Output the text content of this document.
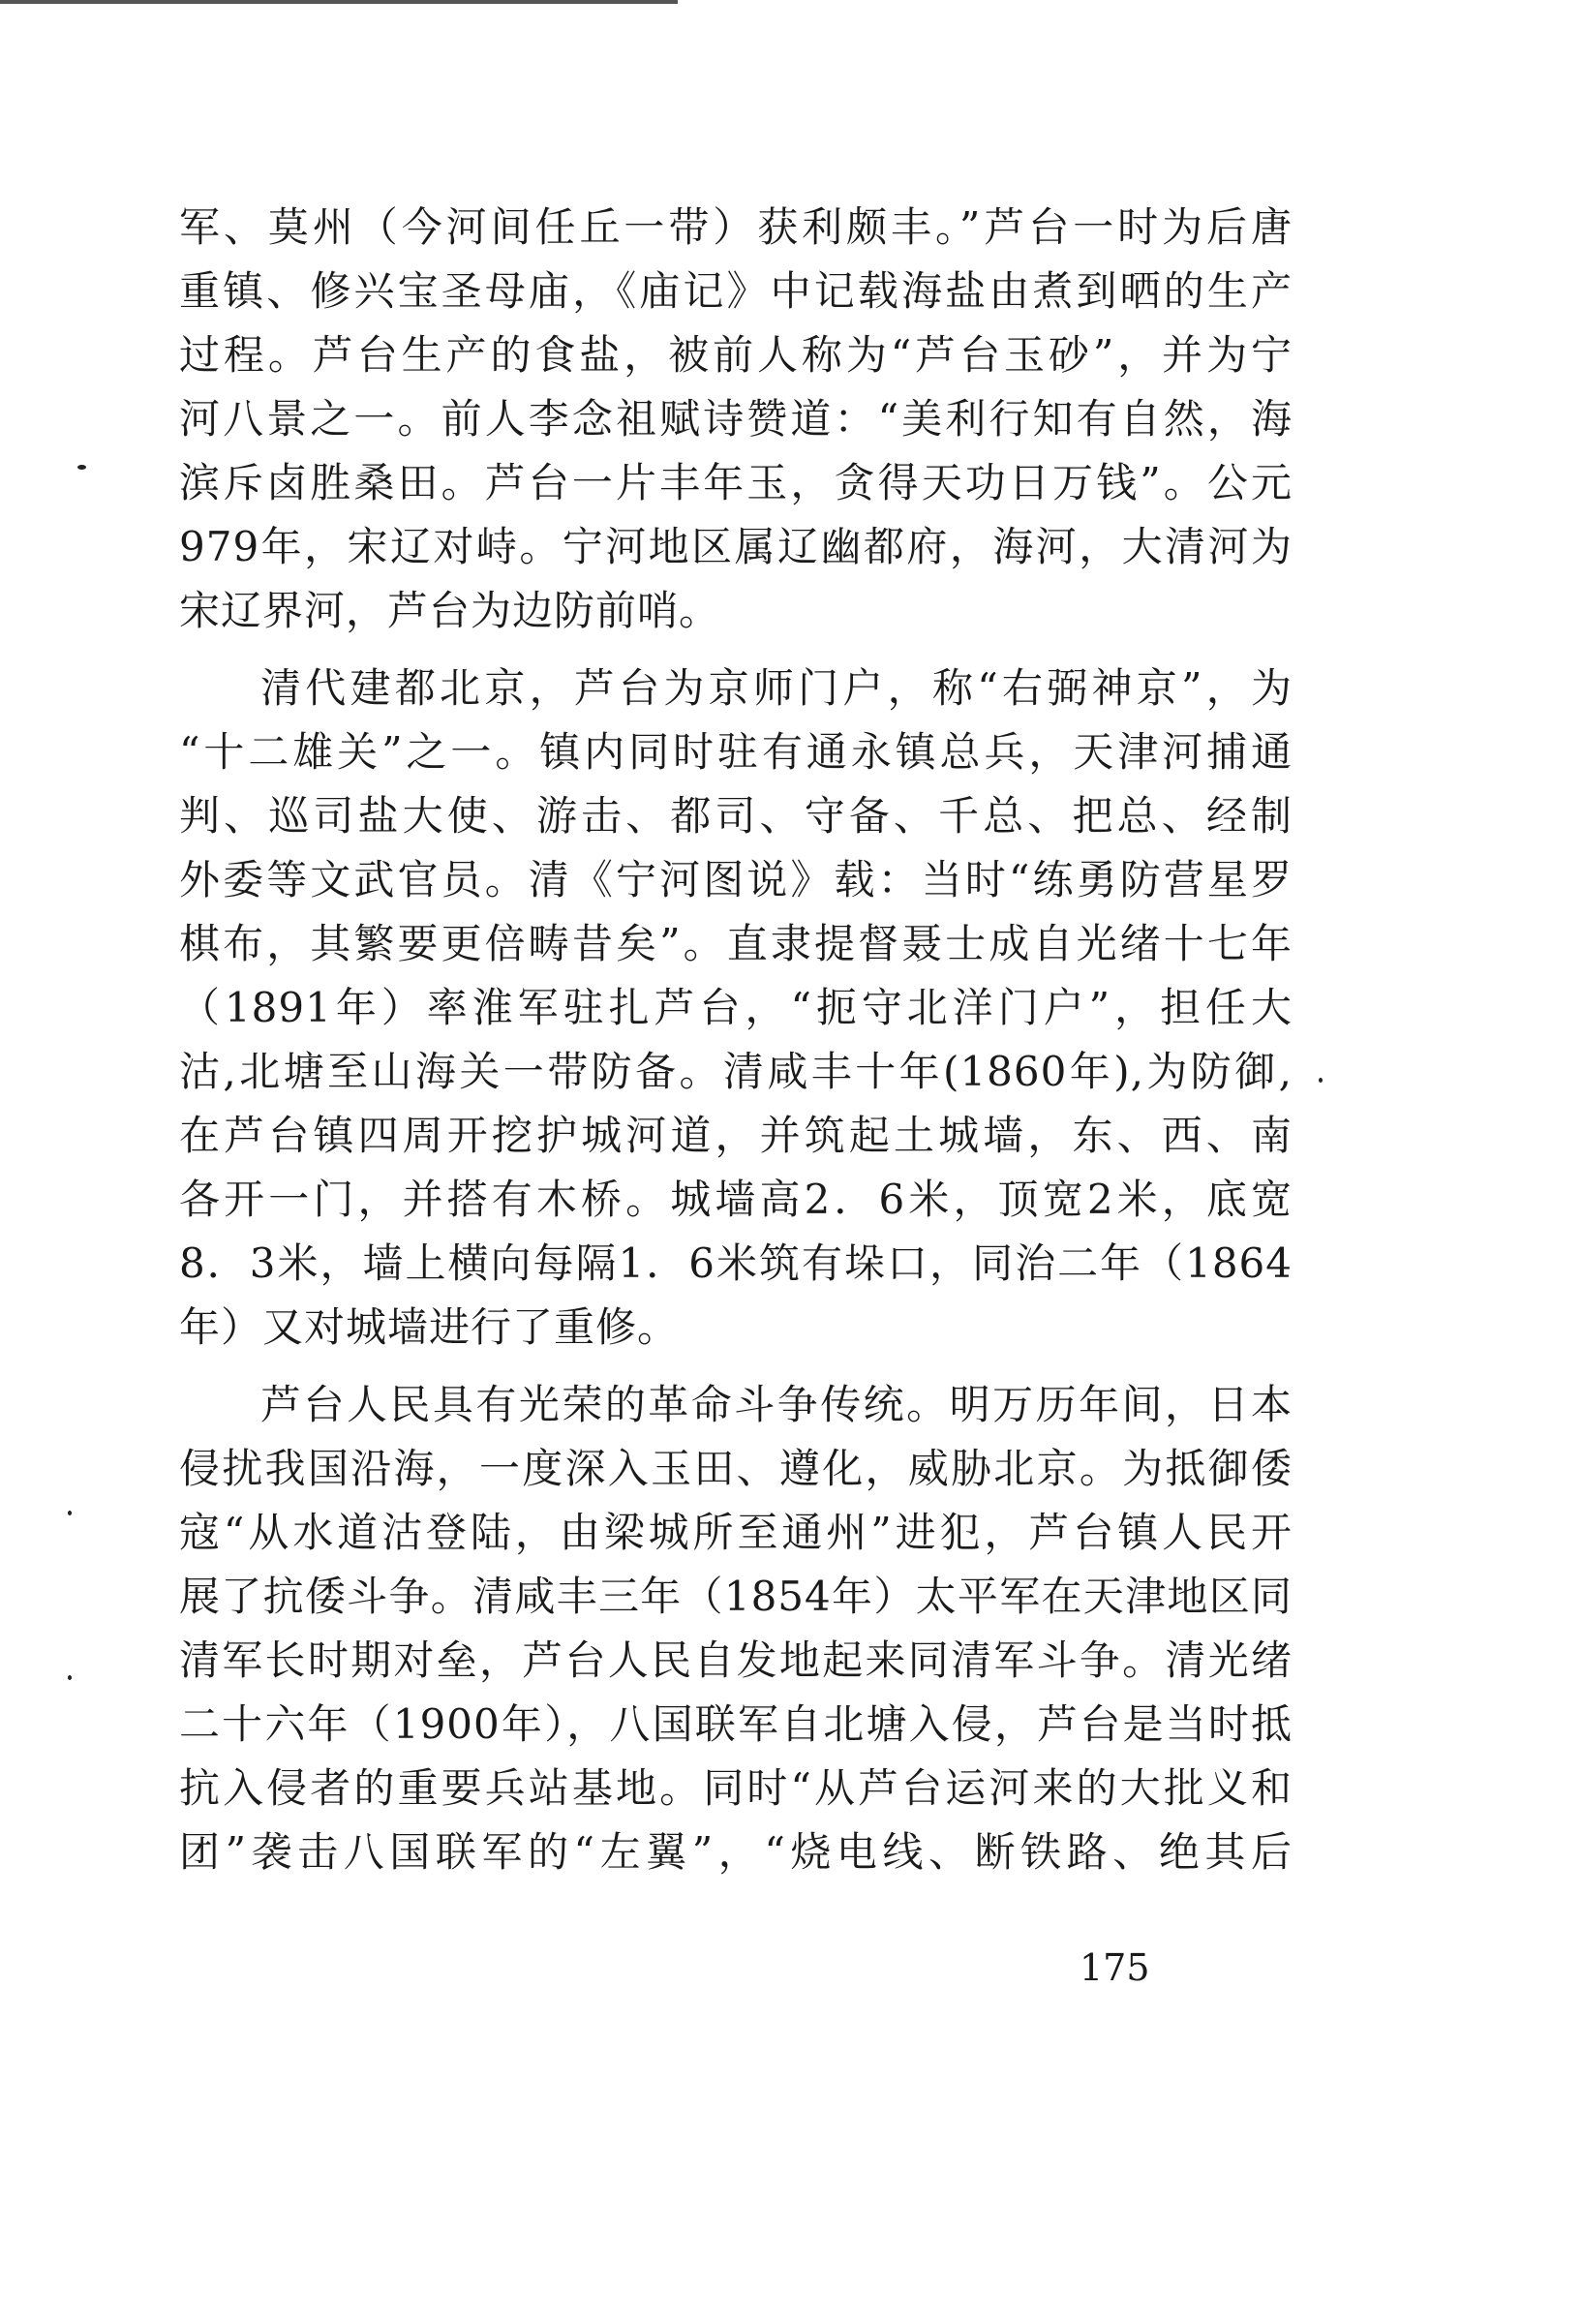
军、莫州（今河间任丘一带）获利颇丰。”芦台一时为后唐
重镇、修兴宝圣母庙，《庙记》中记载海盐由煮到晒的生产
过程。芦台生产的食盐，被前人称为“芦台玉砂”，并为宁
河八景之一。前人李念祖赋诗赞道：“美利行知有自然，海
滨斥卤胜桑田。芦台一片丰年玉，贪得天功日万钱”。公元
979年，宋辽对峙。宁河地区属辽幽都府，海河，大清河为
宋辽界河，芦台为边防前哨。
清代建都北京，芦台为京师门户，称“右弼神京”，为
“十二雄关”之一。镇内同时驻有通永镇总兵，天津河捕通
判、巡司盐大使、游击、都司、守备、千总、把总、经制
外委等文武官员。清《宁河图说》载：当时“练勇防营星罗
棋布，其繁要更倍畴昔矣”。直隶提督聂士成自光绪十七年
（1891年）率淮军驻扎芦台，“扼守北洋门户”，担任大
沽,北塘至山海关一带防备。清咸丰十年(1860年),为防御,
在芦台镇四周开挖护城河道，并筑起土城墙，东、西、南
各开一门，并搭有木桥。城墙高2．6米，顶宽2米，底宽
8．3米，墙上横向每隔1．6米筑有垛口，同治二年（1864
年）又对城墙进行了重修。
芦台人民具有光荣的革命斗争传统。明万历年间，日本
侵扰我国沿海，一度深入玉田、遵化，威胁北京。为抵御倭
寇“从水道沽登陆，由梁城所至通州”进犯，芦台镇人民开
展了抗倭斗争。清咸丰三年（1854年）太平军在天津地区同
清军长时期对垒，芦台人民自发地起来同清军斗争。清光绪
二十六年（1900年），八国联军自北塘入侵，芦台是当时抵
抗入侵者的重要兵站基地。同时“从芦台运河来的大批义和
团”袭击八国联军的“左翼”，“烧电线、断铁路、绝其后
175
